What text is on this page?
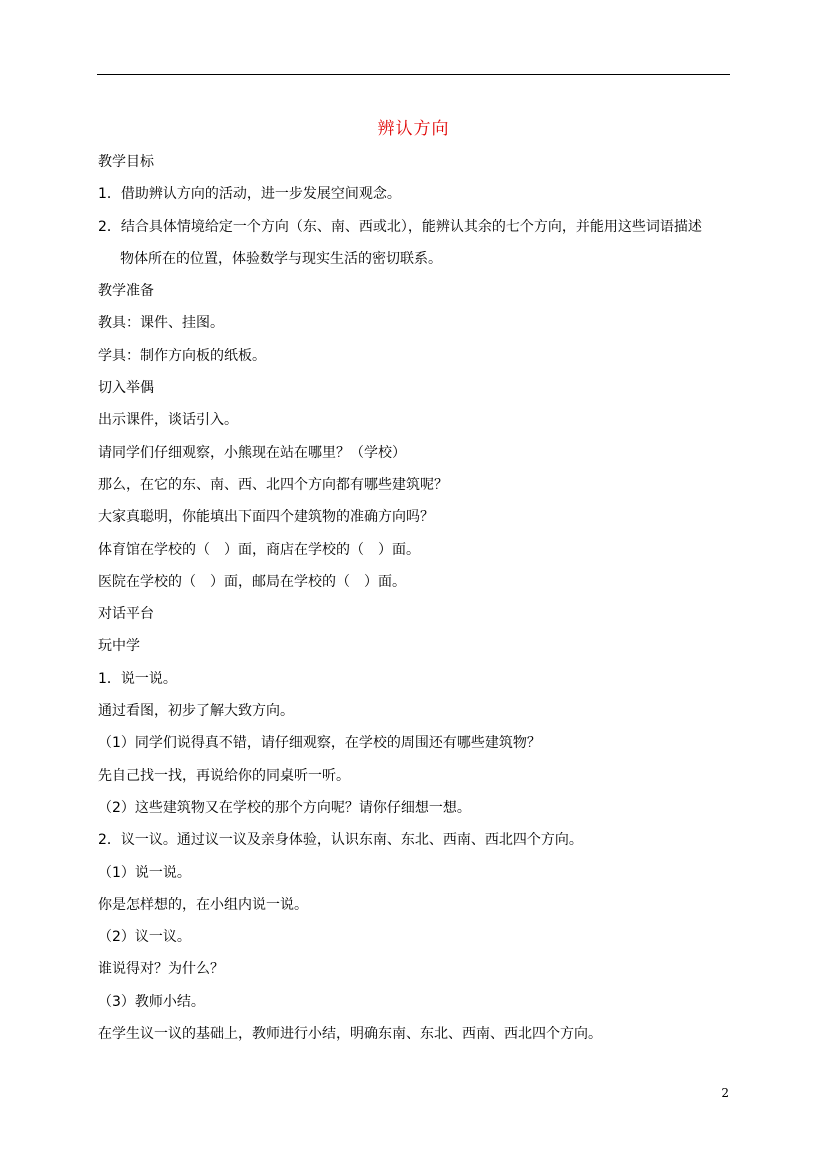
辨认方向
教学目标
1．借助辨认方向的活动，进一步发展空间观念。
2．结合具体情境给定一个方向（东、南、西或北），能辨认其余的七个方向，并能用这些词语描述
物体所在的位置，体验数学与现实生活的密切联系。
教学准备
教具：课件、挂图。
学具：制作方向板的纸板。
切入举偶
出示课件，谈话引入。
请同学们仔细观察，小熊现在站在哪里？（学校）
那么，在它的东、南、西、北四个方向都有哪些建筑呢？
大家真聪明，你能填出下面四个建筑物的准确方向吗？
体育馆在学校的（　）面，商店在学校的（　）面。
医院在学校的（　）面，邮局在学校的（　）面。
对话平台
玩中学
1．说一说。
通过看图，初步了解大致方向。
（1）同学们说得真不错，请仔细观察，在学校的周围还有哪些建筑物？
先自己找一找，再说给你的同桌听一听。
（2）这些建筑物又在学校的那个方向呢？请你仔细想一想。
2．议一议。通过议一议及亲身体验，认识东南、东北、西南、西北四个方向。
（1）说一说。
你是怎样想的，在小组内说一说。
（2）议一议。
谁说得对？为什么？
（3）教师小结。
在学生议一议的基础上，教师进行小结，明确东南、东北、西南、西北四个方向。
2
